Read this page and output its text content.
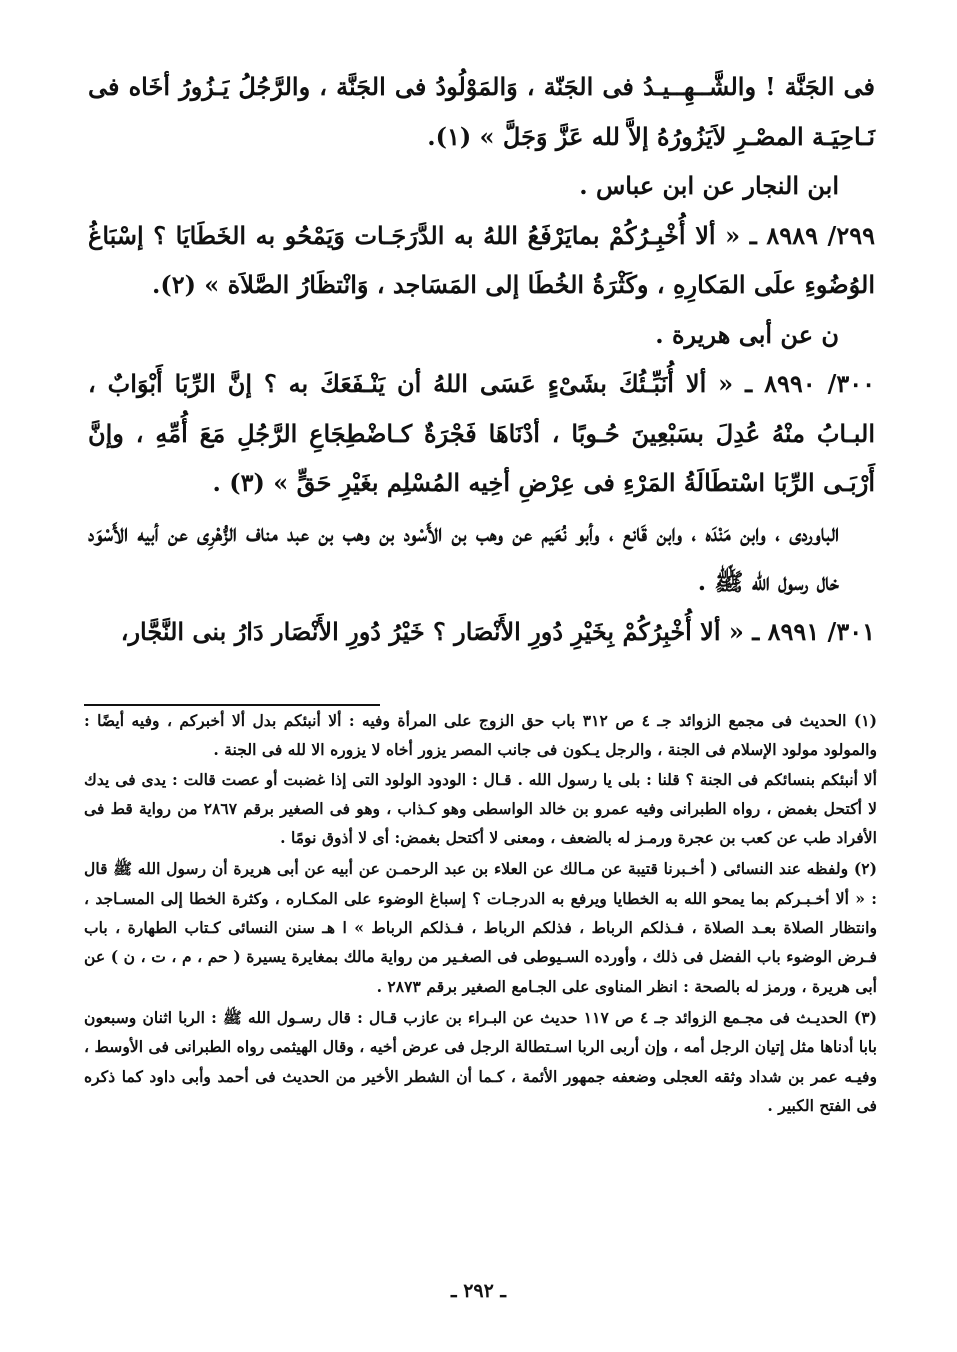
فى الجَنَّة ! والشَّــهِــيـدُ فى الجَنّة ، وَالمَوْلُودُ فى الجَنَّة ، والرَّجُلُ يَـزُورُ أخَاه فى نَـاحِيَـة المصْـرِ لاَيَزُورُهُ إلاَّ لله عَزَّ وَجَلَّ » (١).

ابن النجار عن ابن عباس .

٢٩٩/ ٨٩٨٩ ـ « ألا أُخْبِـرُكُمْ بمايَرْفَعُ اللهُ به الدَّرَجَـات وَيَمْحُو به الخَطَايَا ؟ إسْبَاغُ الوُضُوءِ علَى المَكارِهِ ، وكَثْرَةُ الخُطَا إلى المَسَاجد ، وَانْتظَارُ الصَّلاَة » (٢).

ن عن أبى هريرة .

٣٠٠/ ٨٩٩٠ ـ « ألا أُنَبِّـئُكَ بشَىْءٍ عَسَى اللهُ أن يَنْـفَعَكَ به ؟ إنَّ الرِّبَا أَبْوَابٌ ، البـابُ منْهُ عُدِلَ بسَبْعِينَ حُـوبًا ، أدْنَاهَا فَجْرَةٌ كـاضْطِجَاعِ الرَّجُلِ مَعَ أُمِّهِ ، وإنَّ أَرْبَـى الرِّبَا اسْتطَالَةُ المَرْءِ فى عِرْضِ أخِيه المُسْلِم بغَيْرِ حَقٍّ » (٣) .

الباوردى ، وابن مَنْدَه ، وابن قَانع ، وأبو نُعَيم عن وهب بن الأَسْود بن وهب بن عبد مناف الزُّهْرِى عن أبيه الأَسْوَد خال رسول الله ﷺ .

٣٠١/ ٨٩٩١ ـ « ألا أُخْبِرُكُمْ بِخَيْرِ دُورِ الأَنْصَار ؟ خَيْرُ دُورِ الأَنْصَار دَارُ بنى النَّجَّار،

(١) الحديث فى مجمع الزوائد جـ ٤ ص ٣١٢ باب حق الزوج على المرأة وفيه : ألا أنبئكم بدل ألا أخبركم ، وفيه أيضًا : والمولود مولود الإسلام فى الجنة ، والرجل يـكون فى جانب المصر يزور أخاه لا يزوره الا لله فى الجنة .

ألا أنبئكم بنسائكم فى الجنة ؟ قلنا : بلى يا رسول الله . قـال : الودود الولود التى إذا غضبت أو عصت قالت : يدى فى يدك لا أكتحل بغمض ، رواه الطبرانى وفيه عمرو بن خالد الواسطى وهو كـذاب ، وهو فى الصغير برقم ٢٨٦٧ من رواية قط فى الأفراد طب عن كعب بن عجرة ورمـز له بالضعف ، ومعنى لا أكتحل بغمض: أى لا أذوق نومًا .

(٢) ولفظه عند النسائى ( أخـبرنا قتيبة عن مـالك عن العلاء بن عبد الرحمـن عن أبيه عن أبى هريرة أن رسول الله ﷺ قال : « ألا أخـبـركم بما يمحو الله به الخطايا ويرفع به الدرجـات ؟ إسباغ الوضوء على المكـاره ، وكثرة الخطا إلى المسـاجد ، وانتظار الصلاة بعـد الصلاة ، فـذلكم الرباط ، فذلكم الرباط ، فـذلكم الرباط » ا هـ سنن النسائى كـتاب الطهارة ، باب فـرض الوضوء باب الفضل فى ذلك ، وأورده السـيوطى فى الصغـير من رواية مالك بمغايرة يسيرة ( حم ، م ، ت ، ن ) عن أبى هريرة ، ورمز له بالصحة : انظر المناوى على الجـامع الصغير برقم ٢٨٧٣ .

(٣) الحديـث فى مجـمع الزوائد جـ ٤ ص ١١٧ حديث عن البـراء بن عازب قـال : قال رسـول الله ﷺ : الربا اثنان وسبعون بابا أدناها مثل إتيان الرجل أمه ، وإن أربى الربا اسـتطالة الرجل فى عرض أخيه ، وقال الهيثمى رواه الطبرانى فى الأوسط ، وفيـه عمر بن شداد وثقه العجلى وضعفه جمهور الأئمة ، كـما أن الشطر الأخير من الحديث فى أحمد وأبى داود كما ذكره فى الفتح الكبير .

ـ ٢٩٢ ـ
